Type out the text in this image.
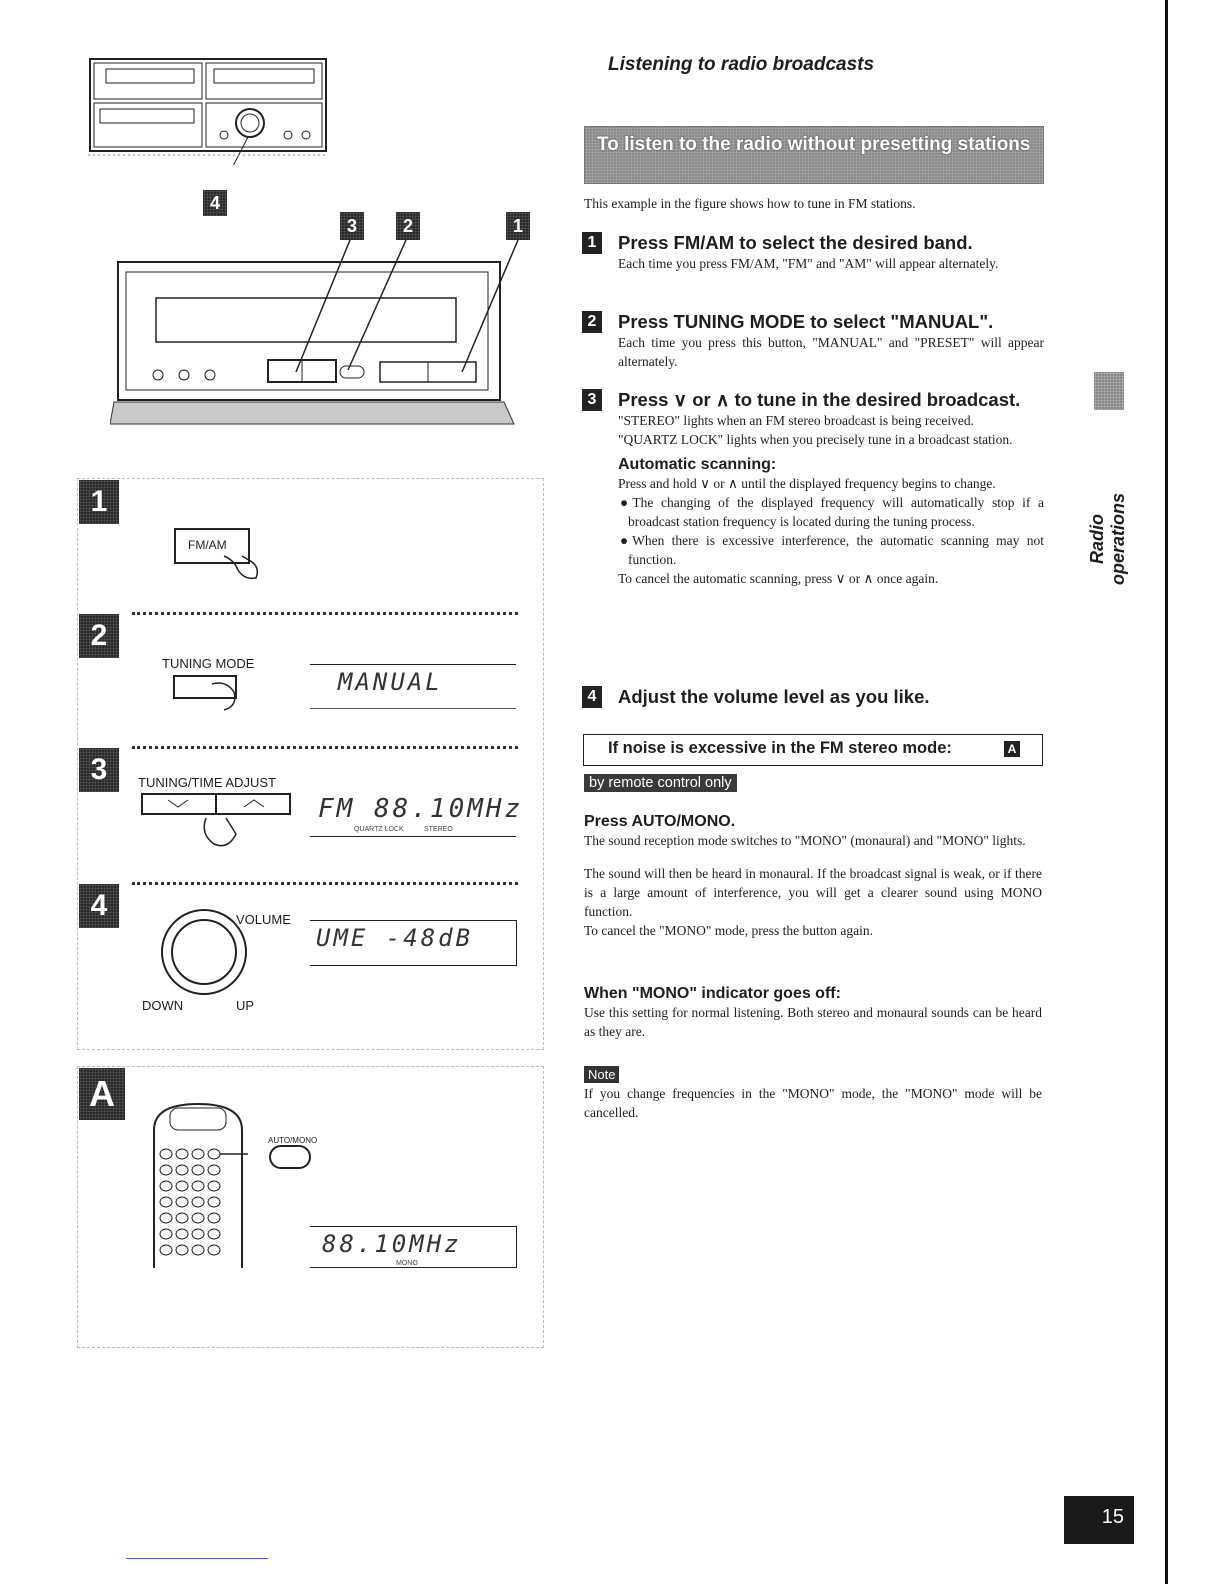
Listening to radio broadcasts
To listen to the radio without presetting stations
This example in the figure shows how to tune in FM stations.
1 Press FM/AM to select the desired band.
Each time you press FM/AM, "FM" and "AM" will appear alternately.
2 Press TUNING MODE to select "MANUAL".
Each time you press this button, "MANUAL" and "PRESET" will appear alternately.
3 Press ∨ or ∧ to tune in the desired broadcast.
"STEREO" lights when an FM stereo broadcast is being received.
"QUARTZ LOCK" lights when you precisely tune in a broadcast station.
Automatic scanning:
Press and hold ∨ or ∧ until the displayed frequency begins to change.
●The changing of the displayed frequency will automatically stop if a broadcast station frequency is located during the tuning process.
●When there is excessive interference, the automatic scanning may not function.
To cancel the automatic scanning, press ∨ or ∧ once again.
4 Adjust the volume level as you like.
If noise is excessive in the FM stereo mode:	A
by remote control only
Press AUTO/MONO.
The sound reception mode switches to "MONO" (monaural) and "MONO" lights.
The sound will then be heard in monaural. If the broadcast signal is weak, or if there is a large amount of interference, you will get a clearer sound using MONO function.
To cancel the "MONO" mode, press the button again.
When "MONO" indicator goes off:
Use this setting for normal listening. Both stereo and monaural sounds can be heard as they are.
Note
If you change frequencies in the "MONO" mode, the "MONO" mode will be cancelled.
Radio operations
15
4
3	2	1
1
FM/AM
2
TUNING MODE
MANUAL
3	TUNING/TIME ADJUST
FM 88.10MHz
QUARTZ LOCK	STEREO
4	VOLUME
DOWN	UP
UME -48dB
A
AUTO/MONO
88.10MHz
MONO
